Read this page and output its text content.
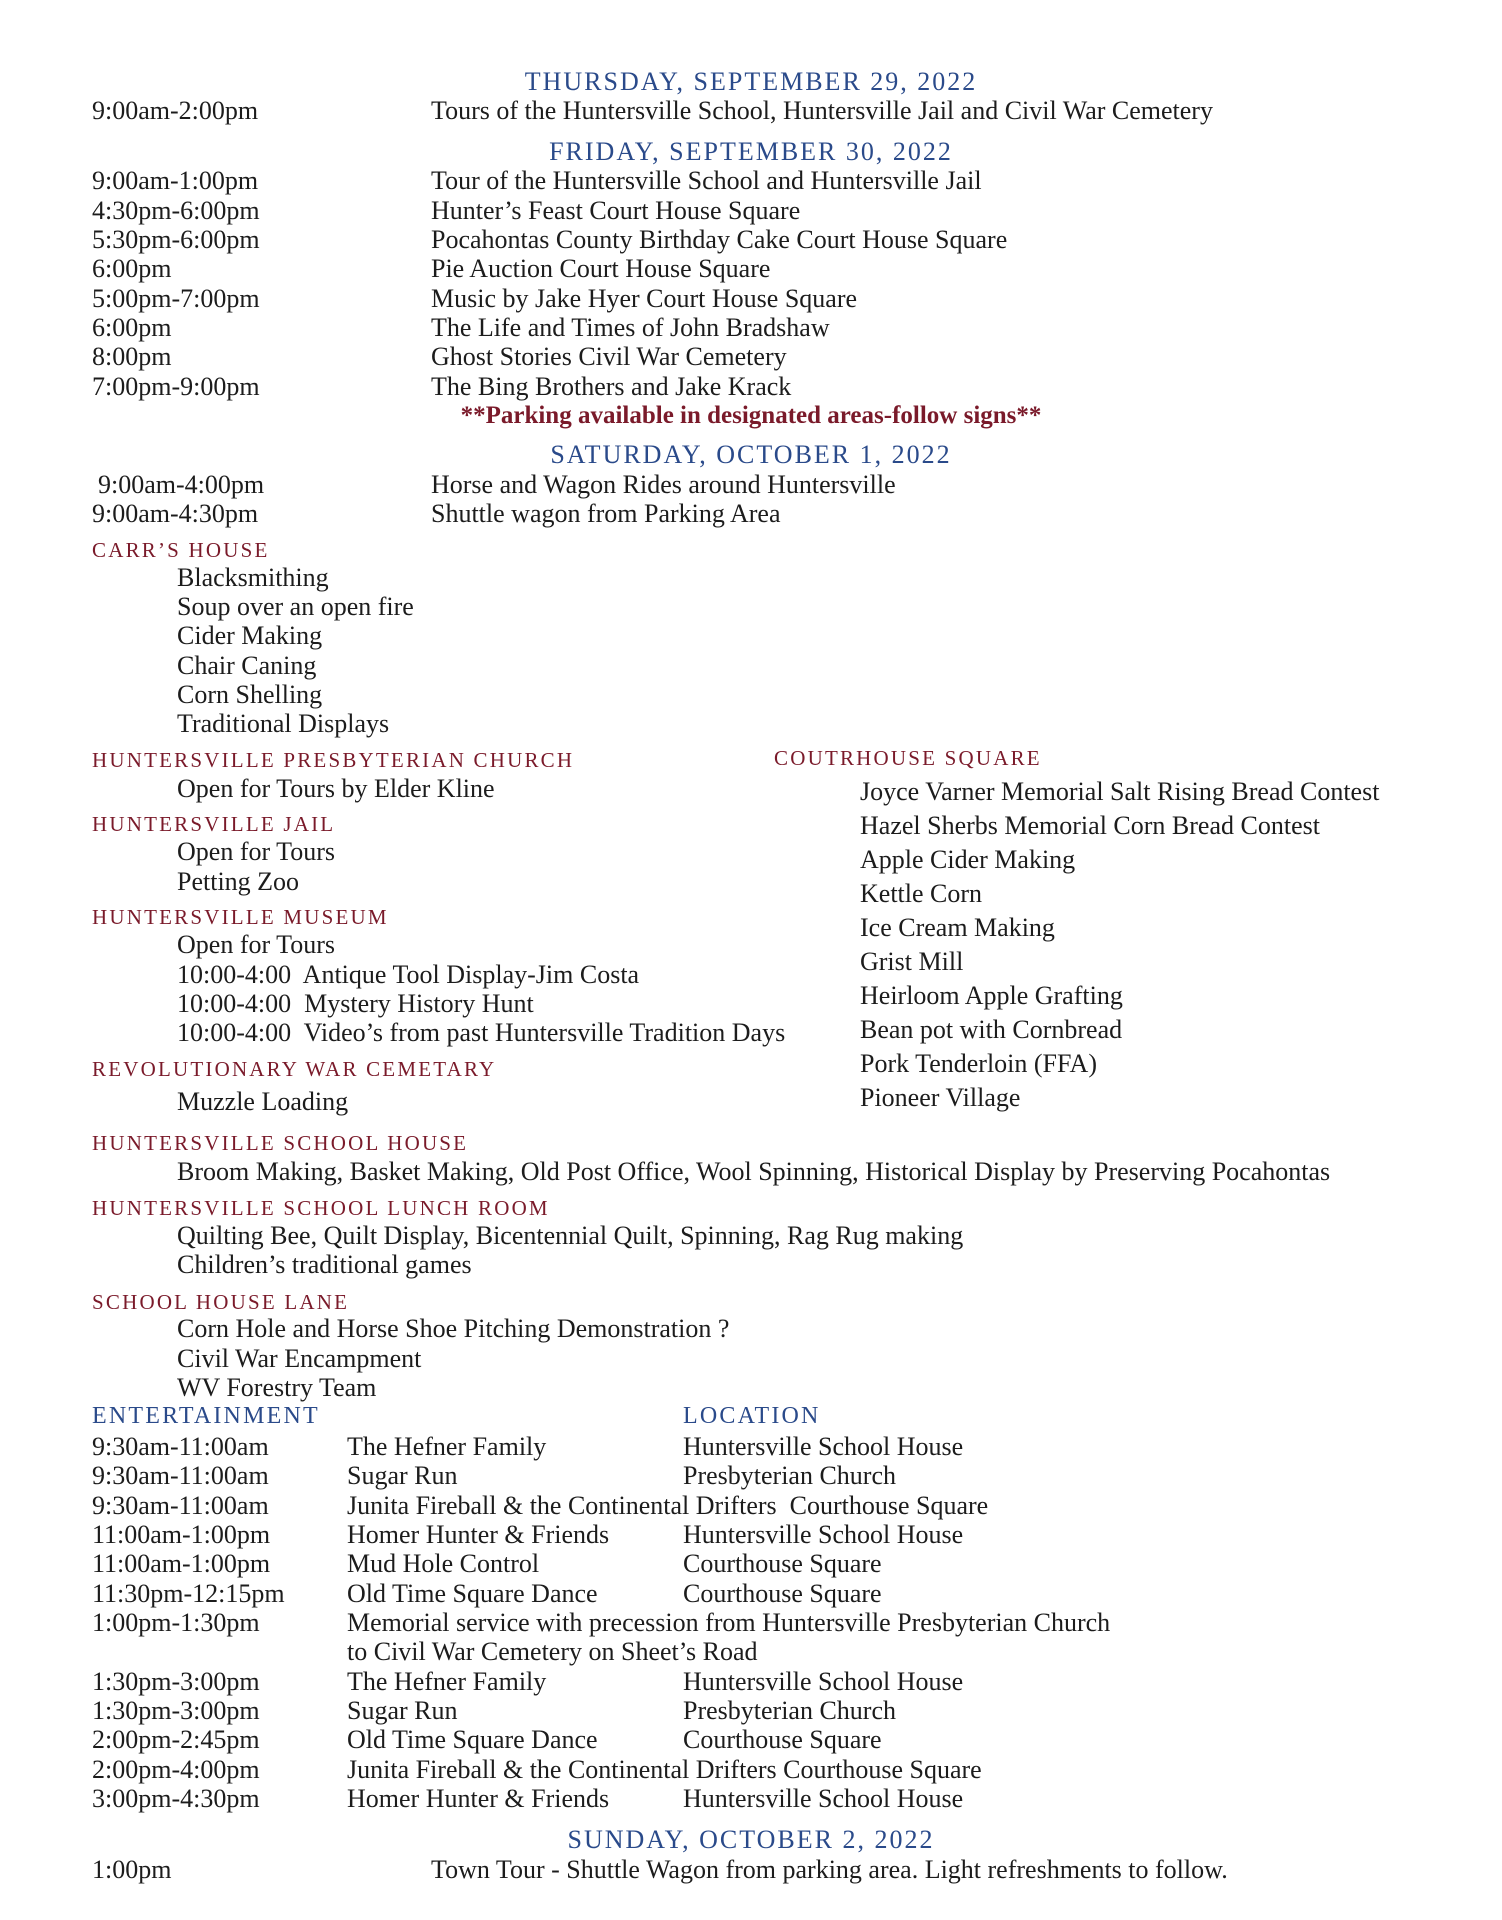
THURSDAY, SEPTEMBER 29, 2022
9:00am-2:00pm	Tours of the Huntersville School, Huntersville Jail and Civil War Cemetery
FRIDAY, SEPTEMBER 30, 2022
9:00am-1:00pm	Tour of the Huntersville School and Huntersville Jail
4:30pm-6:00pm	Hunter’s Feast Court House Square
5:30pm-6:00pm	Pocahontas County Birthday Cake Court House Square
6:00pm	Pie Auction Court House Square
5:00pm-7:00pm	Music by Jake Hyer Court House Square
6:00pm	The Life and Times of John Bradshaw
8:00pm	Ghost Stories Civil War Cemetery
7:00pm-9:00pm	The Bing Brothers and Jake Krack
**Parking available in designated areas-follow signs**
SATURDAY, OCTOBER 1, 2022
9:00am-4:00pm	Horse and Wagon Rides around Huntersville
9:00am-4:30pm	Shuttle wagon from Parking Area
CARR’S HOUSE
Blacksmithing
Soup over an open fire
Cider Making
Chair Caning
Corn Shelling
Traditional Displays
HUNTERSVILLE PRESBYTERIAN CHURCH
Open for Tours by Elder Kline
HUNTERSVILLE JAIL
Open for Tours
Petting Zoo
HUNTERSVILLE MUSEUM
Open for Tours
10:00-4:00  Antique Tool Display-Jim Costa
10:00-4:00  Mystery History Hunt
10:00-4:00  Video’s from past Huntersville Tradition Days
REVOLUTIONARY WAR CEMETARY
Muzzle Loading
COUTRHOUSE SQUARE
Joyce Varner Memorial Salt Rising Bread Contest
Hazel Sherbs Memorial Corn Bread Contest
Apple Cider Making
Kettle Corn
Ice Cream Making
Grist Mill
Heirloom Apple Grafting
Bean pot with Cornbread
Pork Tenderloin (FFA)
Pioneer Village
HUNTERSVILLE SCHOOL HOUSE
Broom Making, Basket Making, Old Post Office, Wool Spinning, Historical Display by Preserving Pocahontas
HUNTERSVILLE SCHOOL LUNCH ROOM
Quilting Bee, Quilt Display, Bicentennial Quilt, Spinning, Rag Rug making
Children’s traditional games
SCHOOL HOUSE LANE
Corn Hole and Horse Shoe Pitching Demonstration ?
Civil War Encampment
WV Forestry Team
ENTERTAINMENT	LOCATION
9:30am-11:00am	The Hefner Family	Huntersville School House
9:30am-11:00am	Sugar Run	Presbyterian Church
9:30am-11:00am	Junita Fireball & the Continental Drifters  Courthouse Square
11:00am-1:00pm	Homer Hunter & Friends	Huntersville School House
11:00am-1:00pm	Mud Hole Control	Courthouse Square
11:30pm-12:15pm Old Time Square Dance	Courthouse Square
1:00pm-1:30pm	Memorial service with precession from Huntersville Presbyterian Church
to Civil War Cemetery on Sheet’s Road
1:30pm-3:00pm	The Hefner Family	Huntersville School House
1:30pm-3:00pm	Sugar Run	Presbyterian Church
2:00pm-2:45pm	Old Time Square Dance	Courthouse Square
2:00pm-4:00pm	Junita Fireball & the Continental Drifters Courthouse Square
3:00pm-4:30pm	Homer Hunter & Friends	Huntersville School House
SUNDAY, OCTOBER 2, 2022
1:00pm	Town Tour - Shuttle Wagon from parking area. Light refreshments to follow.
